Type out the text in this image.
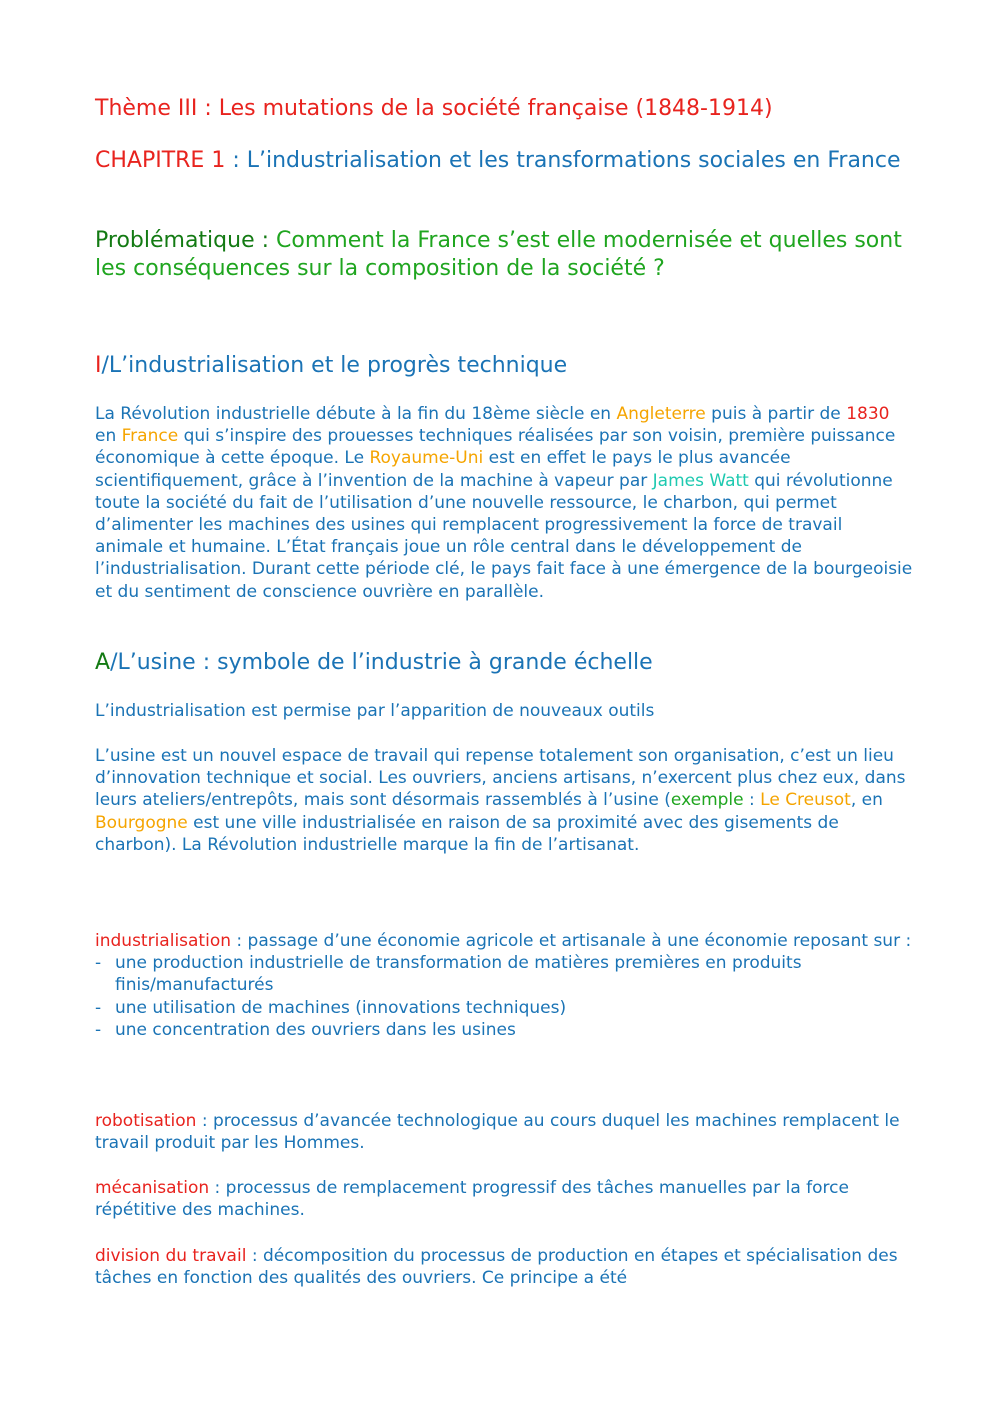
Thème III : Les mutations de la société française (1848-1914)
CHAPITRE 1 : L’industrialisation et les transformations sociales en France
Problématique : Comment la France s’est elle modernisée et quelles sont les conséquences sur la composition de la société ?
I/L’industrialisation et le progrès technique
La Révolution industrielle débute à la fin du 18ème siècle en Angleterre puis à partir de 1830 en France qui s’inspire des prouesses techniques réalisées par son voisin, première puissance économique à cette époque. Le Royaume-Uni est en effet le pays le plus avancée scientifiquement, grâce à l’invention de la machine à vapeur par James Watt qui révolutionne toute la société du fait de l’utilisation d’une nouvelle ressource, le charbon, qui permet d’alimenter les machines des usines qui remplacent progressivement la force de travail animale et humaine. L’État français joue un rôle central dans le développement de l’industrialisation. Durant cette période clé, le pays fait face à une émergence de la bourgeoisie et du sentiment de conscience ouvrière en parallèle.
A/L’usine : symbole de l’industrie à grande échelle
L’industrialisation est permise par l’apparition de nouveaux outils
L’usine est un nouvel espace de travail qui repense totalement son organisation, c’est un lieu d’innovation technique et social. Les ouvriers, anciens artisans, n’exercent plus chez eux, dans leurs ateliers/entrepôts, mais sont désormais rassemblés à l’usine (exemple : Le Creusot, en Bourgogne est une ville industrialisée en raison de sa proximité avec des gisements de charbon). La Révolution industrielle marque la fin de l’artisanat.
industrialisation : passage d’une économie agricole et artisanale à une économie reposant sur :
- une production industrielle de transformation de matières premières en produits finis/manufacturés
- une utilisation de machines (innovations techniques)
- une concentration des ouvriers dans les usines
robotisation : processus d’avancée technologique au cours duquel les machines remplacent le travail produit par les Hommes.
mécanisation : processus de remplacement progressif des tâches manuelles par la force répétitive des machines.
division du travail : décomposition du processus de production en étapes et spécialisation des tâches en fonction des qualités des ouvriers. Ce principe a été
